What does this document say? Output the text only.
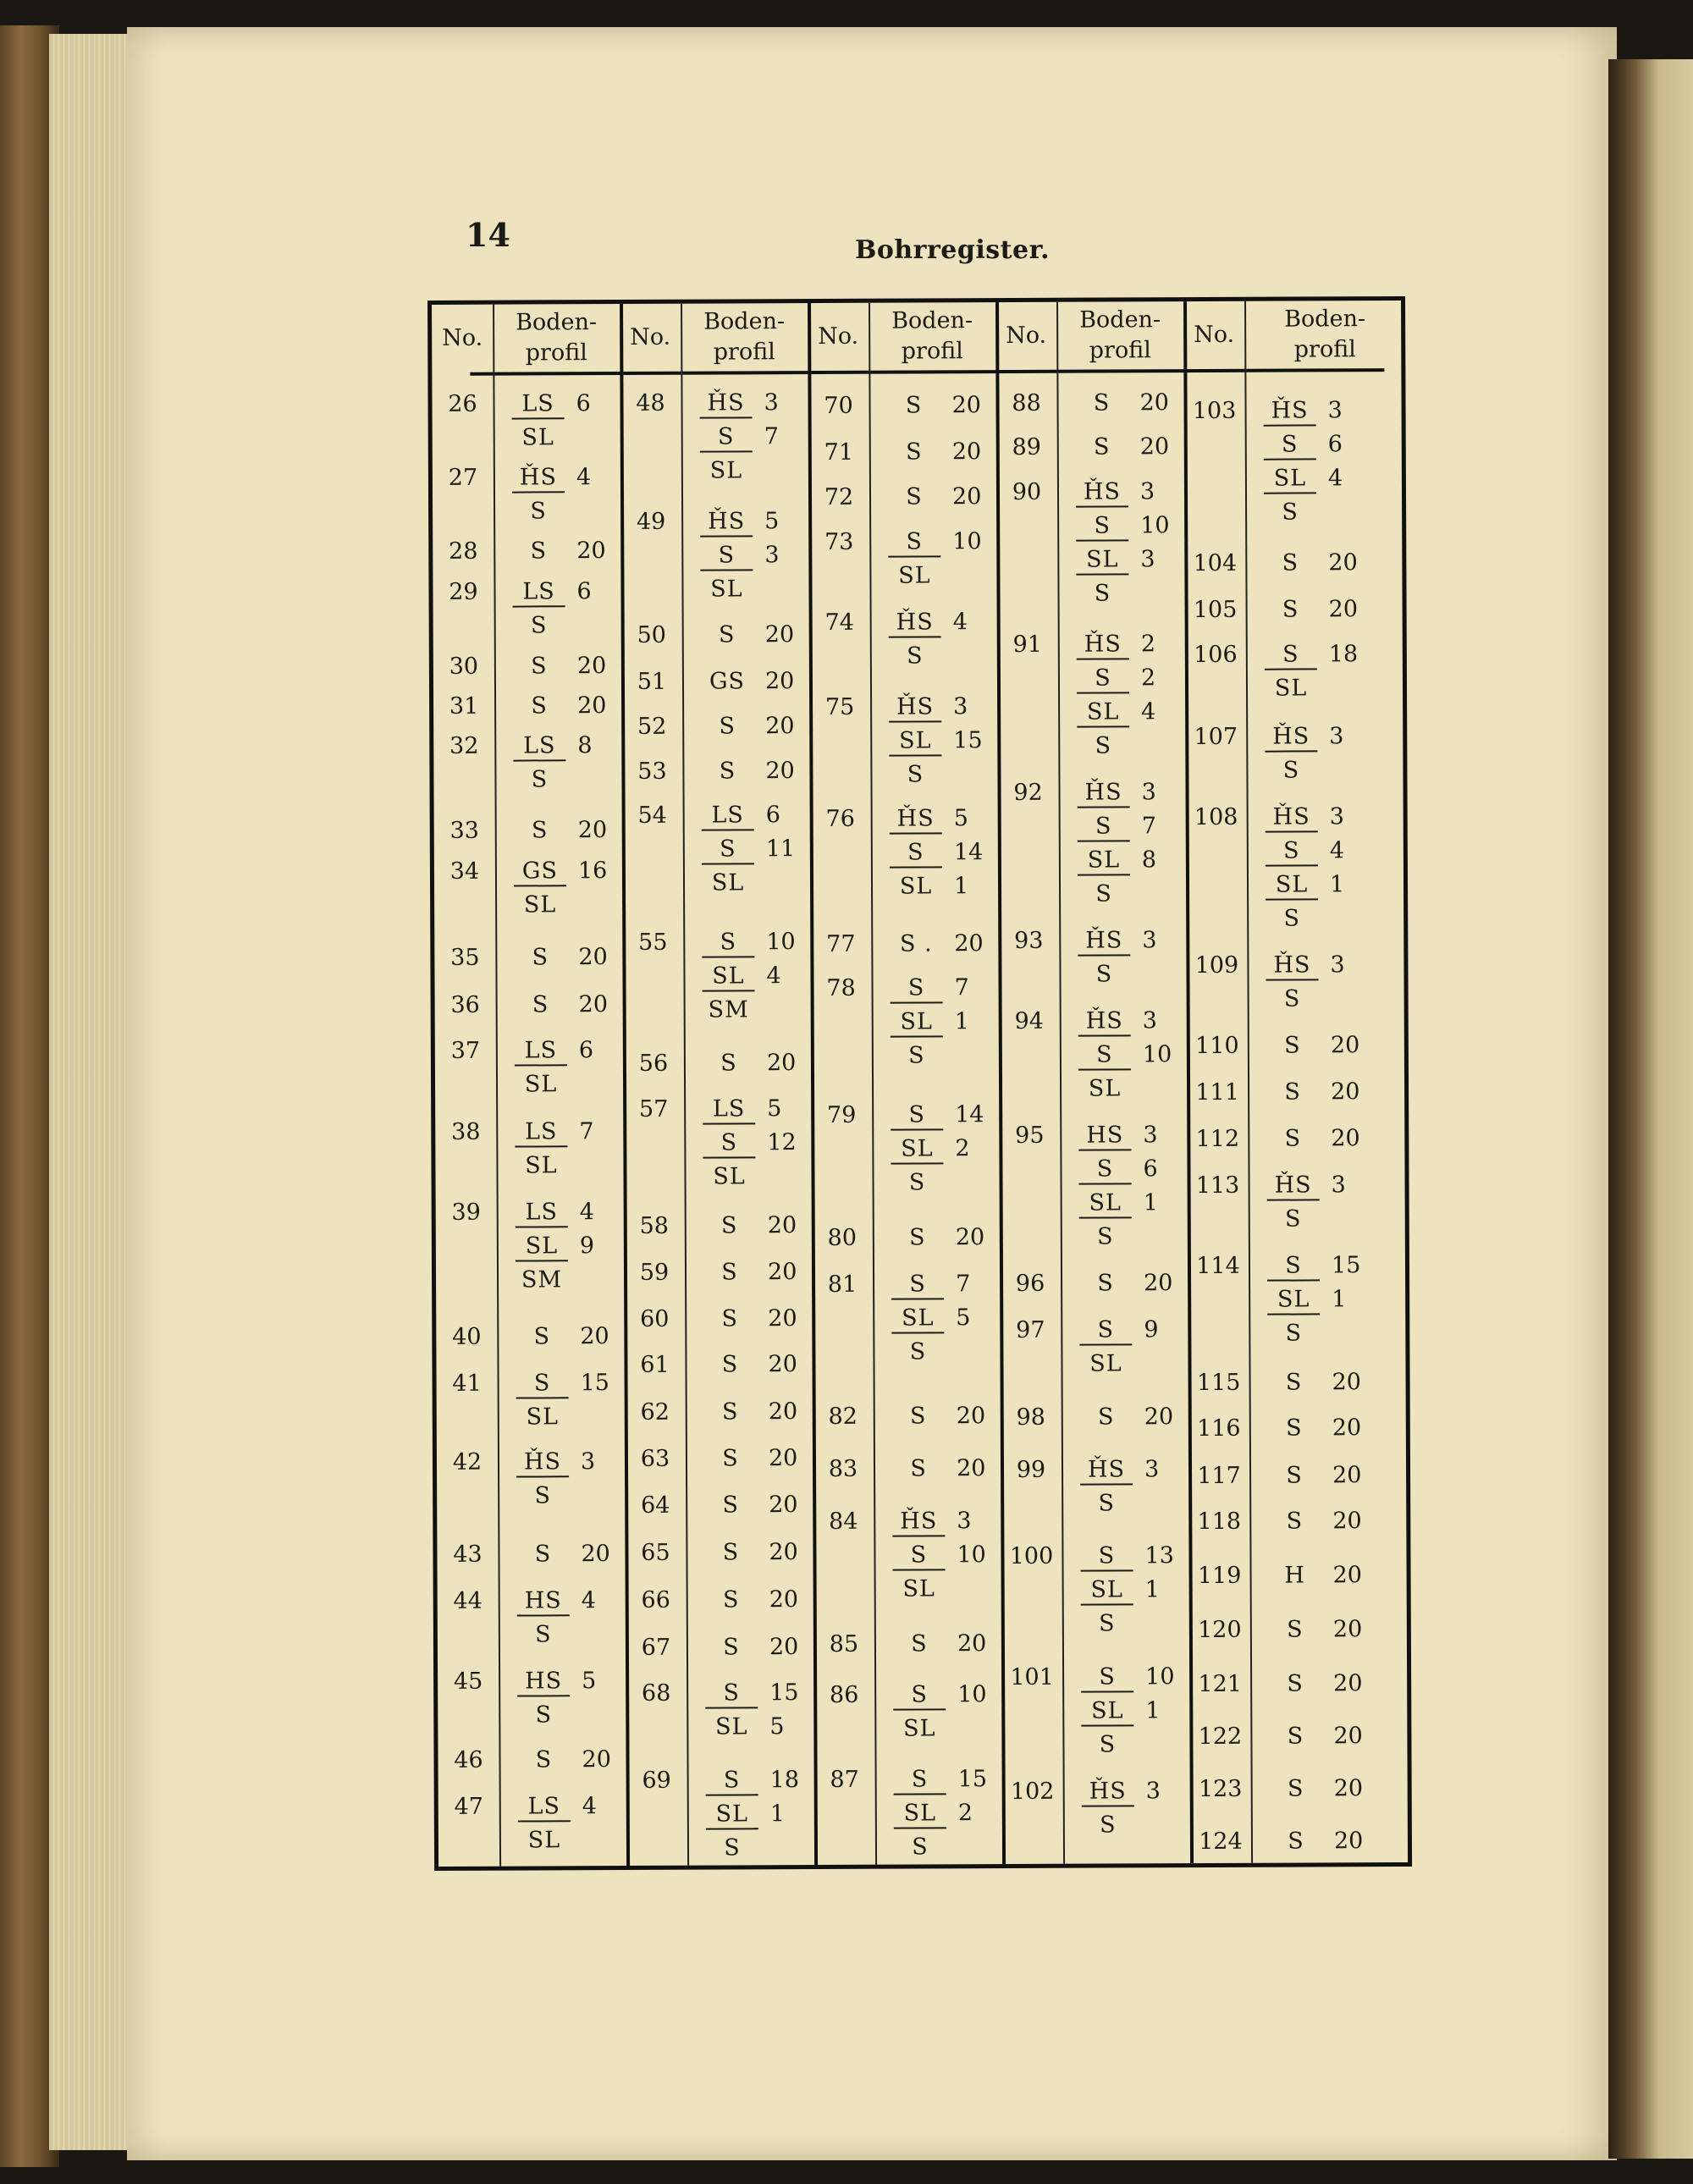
14	Bohrregister.
No.
Boden-
profil
26	LS 6
SL
27	ȞS 4
S
28	S	20
29	LS 6
S
30	S	20
31	S	20
32	LS 8
S
33	S	20
34	GS 16
SL
35	S	20
36	S	20
37	LS 6
SL
38	LS 7
SL
39	LS 4
SL 9
SM
40	S	20
41	S	15
SL
42	ȞS 3
S
43	S	20
44	HS 4
S
45	HS 5
S
46	S	20
47	LS 4
SL
No.
Boden-
profil
48	ȞS 3
S	7
SL
49	ȞS 5
S	3
SL
50	S	20
51	GS 20
52	S	20
53	S	20
54	LS 6
S	11
SL
55	S	10
SL 4
SM
56	S	20
57	LS 5
S	12
SL
58	S	20
59	S	20
60	S	20
61	S	20
62	S	20
63	S	20
64	S	20
65	S	20
66	S	20
67	S	20
68	S	15
SL 5
69	S	18
SL 1
S
No.
Boden-
profil
70	S	20
71	S	20
72	S	20
73	S	10
SL
74	ȞS 4
S
75	ȞS 3
SL 15
S
76	ȞS 5
S	14
SL 1
77	S . 20
78	S	7
SL 1
S
79	S	14
SL 2
S
80	S	20
81	S	7
SL 5
S
82	S	20
83	S	20
84	ȞS 3
S	10
SL
85	S	20
86	S	10
SL
87	S	15
SL 2
S
No.
Boden-
profil
88	S	20
89	S	20
90	ȞS 3
S	10
SL 3
S
91	ȞS 2
S	2
SL 4
S
92	ȞS 3
S	7
SL 8
S
93	ȞS 3
S
94	ȞS 3
S	10
SL
95	HS 3
S	6
SL 1
S
96	S	20
97	S	9
SL
98	S	20
99	ȞS 3
S
100	S	13
SL 1
S
101	S	10
SL 1
S
102	ȞS 3
S
No.
Boden-
profil
103	ȞS 3
S	6
SL 4
S
104	S	20
105	S	20
106	S	18
SL
107	ȞS 3
S
108	ȞS 3
S	4
SL 1
S
109	ȞS 3
S
110	S	20
111	S	20
112	S	20
113	ȞS 3
S
114	S	15
SL 1
S
115	S	20
116	S	20
117	S	20
118	S	20
119	H	20
120	S	20
121	S	20
122	S	20
123	S	20
124	S	20
